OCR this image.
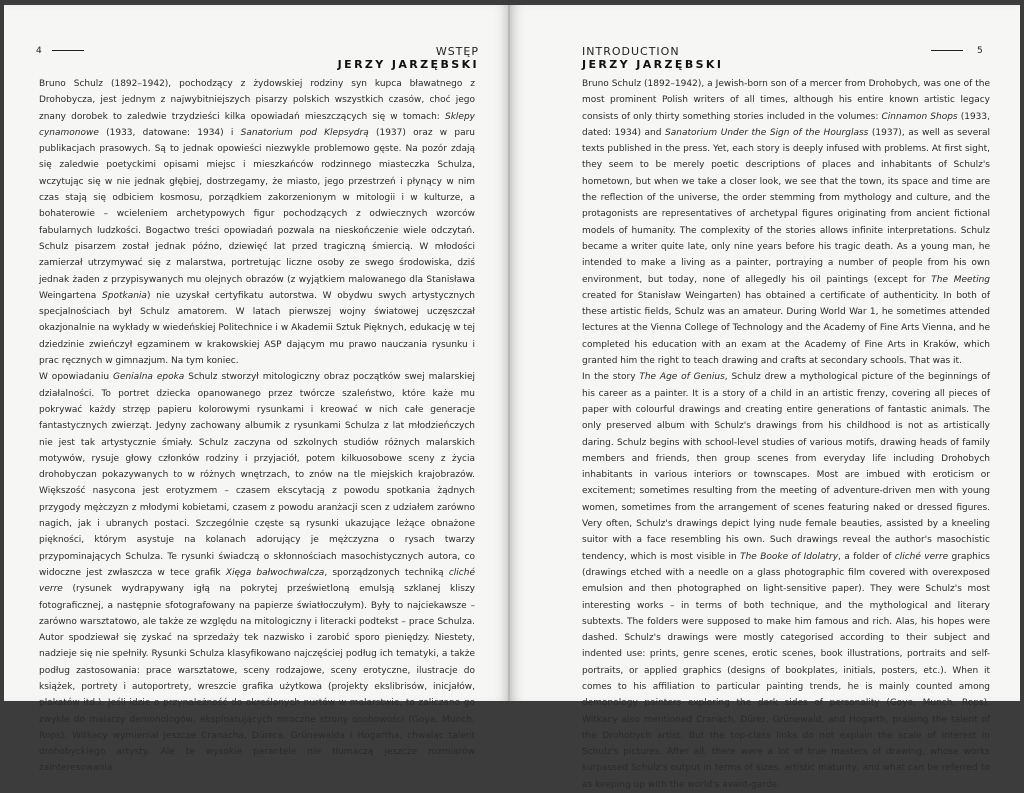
4	WSTĘP
JERZY JARZĘBSKI

Bruno Schulz (1892–1942), pochodzący z żydowskiej rodziny syn kupca bławatnego z Drohobycza, jest jednym z najwybitniejszych pisarzy polskich wszystkich czasów, choć jego znany dorobek to zaledwie trzydzieści kilka opowiadań mieszczących się w tomach: Sklepy cynamonowe (1933, datowane: 1934) i Sanatorium pod Klepsydrą (1937) oraz w paru publikacjach prasowych. Są to jednak opowieści niezwykle problemowo gęste. Na pozór zdają się zaledwie poetyckimi opisami miejsc i mieszkańców rodzinnego miasteczka Schulza, wczytując się w nie jednak głębiej, dostrzegamy, że miasto, jego przestrzeń i płynący w nim czas stają się odbiciem kosmosu, porządkiem zakorzenionym w mitologii i w kulturze, a bohaterowie – wcieleniem archetypowych figur pochodzących z odwiecznych wzorców fabularnych ludzkości. Bogactwo treści opowiadań pozwala na nieskończenie wiele odczytań. Schulz pisarzem został jednak późno, dziewięć lat przed tragiczną śmiercią. W młodości zamierzał utrzymywać się z malarstwa, portretując liczne osoby ze swego środowiska, dziś jednak żaden z przypisywanych mu olejnych obrazów (z wyjątkiem malowanego dla Stanisława Weingartena Spotkania) nie uzyskał certyfikatu autorstwa. W obydwu swych artystycznych specjalnościach był Schulz amatorem. W latach pierwszej wojny światowej uczęszczał okazjonalnie na wykłady w wiedeńskiej Politechnice i w Akademii Sztuk Pięknych, edukację w tej dziedzinie zwieńczył egzaminem w krakowskiej ASP dającym mu prawo nauczania rysunku i prac ręcznych w gimnazjum. Na tym koniec.

W opowiadaniu Genialna epoka Schulz stworzył mitologiczny obraz początków swej malarskiej działalności. To portret dziecka opanowanego przez twórcze szaleństwo, które każe mu pokrywać każdy strzęp papieru kolorowymi rysunkami i kreować w nich całe generacje fantastycznych zwierząt. Jedyny zachowany albumik z rysunkami Schulza z lat młodzieńczych nie jest tak artystycznie śmiały. Schulz zaczyna od szkolnych studiów różnych malarskich motywów, rysuje głowy członków rodziny i przyjaciół, potem kilkuosobowe sceny z życia drohobyczan pokazywanych to w różnych wnętrzach, to znów na tle miejskich krajobrazów. Większość nasycona jest erotyzmem – czasem ekscytacją z powodu spotkania żądnych przygody mężczyzn z młodymi kobietami, czasem z powodu aranżacji scen z udziałem zarówno nagich, jak i ubranych postaci. Szczególnie częste są rysunki ukazujące leżące obnażone piękności, którym asystuje na kolanach adorujący je mężczyzna o rysach twarzy przypominających Schulza. Te rysunki świadczą o skłonnościach masochistycznych autora, co widoczne jest zwłaszcza w tece grafik Xięga bałwochwalcza, sporządzonych techniką cliché verre (rysunek wydrapywany igłą na pokrytej prześwietloną emulsją szklanej kliszy fotograficznej, a następnie sfotografowany na papierze światłoczułym). Były to najciekawsze – zarówno warsztatowo, ale także ze względu na mitologiczny i literacki podtekst – prace Schulza. Autor spodziewał się zyskać na sprzedaży tek nazwisko i zarobić sporo pieniędzy. Niestety, nadzieje się nie spełniły. Rysunki Schulza klasyfikowano najczęściej podług ich tematyki, a także podług zastosowania: prace warsztatowe, sceny rodzajowe, sceny erotyczne, ilustracje do książek, portrety i autoportrety, wreszcie grafika użytkowa (projekty ekslibrisów, inicjałów, plakatów itd.). Jeśli idzie o przynależność do określonych nurtów w malarstwie, to zaliczano go zwykle do malarzy demonologów, eksploatujących mroczne strony osobowości (Goya, Munch, Rops), Witkacy wymieniał jeszcze Cranacha, Dürera, Grünewalda i Hogartha, chwaląc talent drohobyckiego artysty. Ale te wysokie parantele nie tłumaczą jeszcze rozmiarów zainteresowania

5
INTRODUCTION
JERZY JARZĘBSKI

Bruno Schulz (1892–1942), a Jewish-born son of a mercer from Drohobych, was one of the most prominent Polish writers of all times, although his entire known artistic legacy consists of only thirty something stories included in the volumes: Cinnamon Shops (1933, dated: 1934) and Sanatorium Under the Sign of the Hourglass (1937), as well as several texts published in the press. Yet, each story is deeply infused with problems. At first sight, they seem to be merely poetic descriptions of places and inhabitants of Schulz's hometown, but when we take a closer look, we see that the town, its space and time are the reflection of the universe, the order stemming from mythology and culture, and the protagonists are representatives of archetypal figures originating from ancient fictional models of humanity. The complexity of the stories allows infinite interpretations. Schulz became a writer quite late, only nine years before his tragic death. As a young man, he intended to make a living as a painter, portraying a number of people from his own environment, but today, none of allegedly his oil paintings (except for The Meeting created for Stanisław Weingarten) has obtained a certificate of authenticity. In both of these artistic fields, Schulz was an amateur. During World War 1, he sometimes attended lectures at the Vienna College of Technology and the Academy of Fine Arts Vienna, and he completed his education with an exam at the Academy of Fine Arts in Kraków, which granted him the right to teach drawing and crafts at secondary schools. That was it.

In the story The Age of Genius, Schulz drew a mythological picture of the beginnings of his career as a painter. It is a story of a child in an artistic frenzy, covering all pieces of paper with colourful drawings and creating entire generations of fantastic animals. The only preserved album with Schulz's drawings from his childhood is not as artistically daring. Schulz begins with school-level studies of various motifs, drawing heads of family members and friends, then group scenes from everyday life including Drohobych inhabitants in various interiors or townscapes. Most are imbued with eroticism or excitement; sometimes resulting from the meeting of adventure-driven men with young women, sometimes from the arrangement of scenes featuring naked or dressed figures. Very often, Schulz's drawings depict lying nude female beauties, assisted by a kneeling suitor with a face resembling his own. Such drawings reveal the author's masochistic tendency, which is most visible in The Booke of Idolatry, a folder of cliché verre graphics (drawings etched with a needle on a glass photographic film covered with overexposed emulsion and then photographed on light-sensitive paper). They were Schulz's most interesting works – in terms of both technique, and the mythological and literary subtexts. The folders were supposed to make him famous and rich. Alas, his hopes were dashed. Schulz's drawings were mostly categorised according to their subject and indented use: prints, genre scenes, erotic scenes, book illustrations, portraits and self-portraits, or applied graphics (designs of bookplates, initials, posters, etc.). When it comes to his affiliation to particular painting trends, he is mainly counted among demonology painters exploring the dark sides of personality (Goya, Munch, Rops). Witkacy also mentioned Cranach, Dürer, Grünewald, and Hogarth, praising the talent of the Drohobych artist. But the top-class links do not explain the scale of interest in Schulz's pictures. After all, there were a lot of true masters of drawing, whose works surpassed Schulz's output in terms of sizes, artistic maturity, and what can be referred to as keeping up with the world's avant-garde.
